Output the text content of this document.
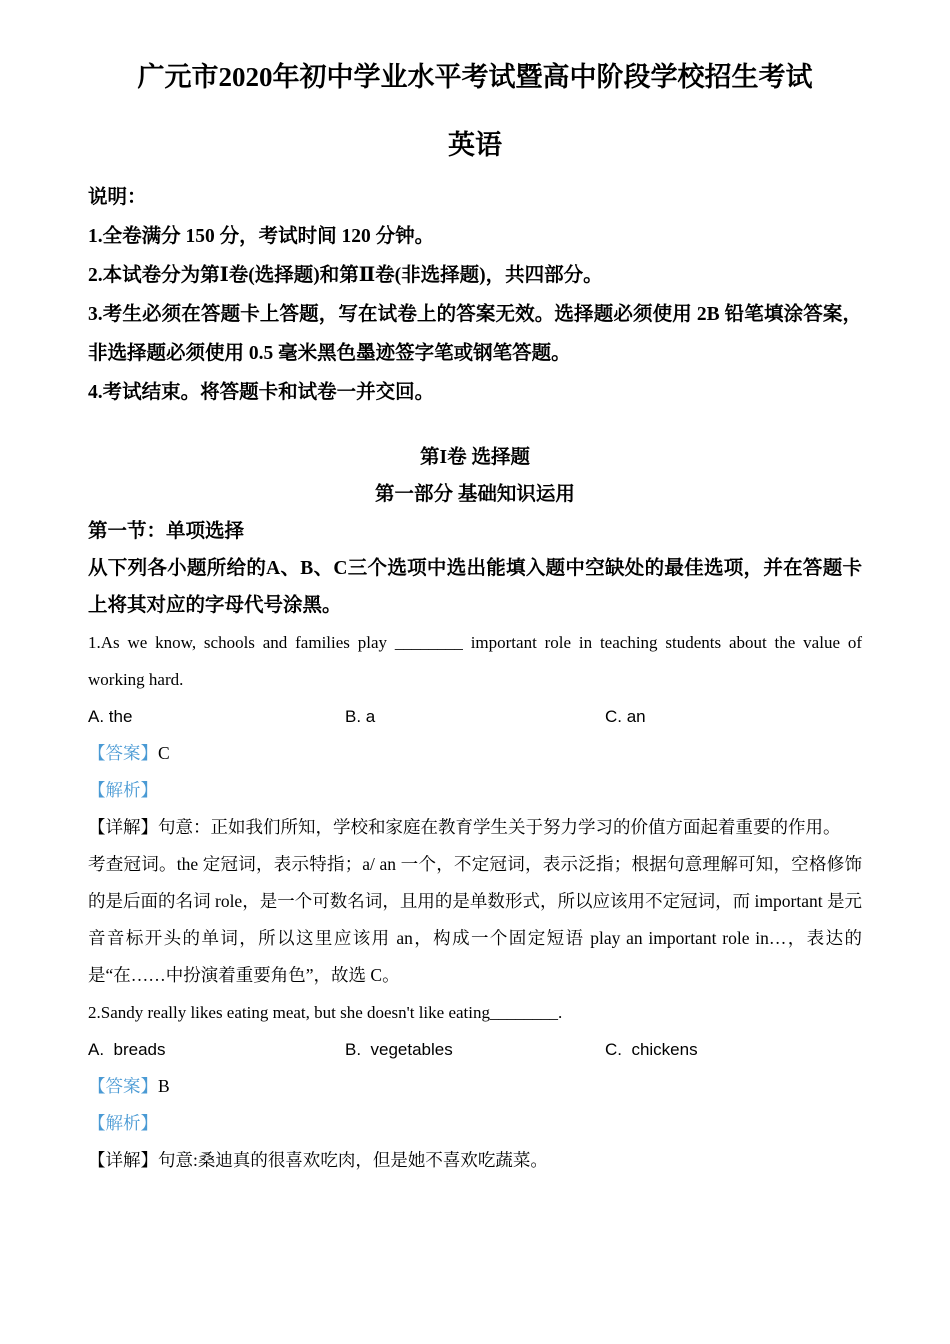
广元市2020年初中学业水平考试暨高中阶段学校招生考试
英语

说明：

1.全卷满分 150 分，考试时间 120 分钟。

2.本试卷分为第Ⅰ卷(选择题)和第Ⅱ卷(非选择题)，共四部分。

3.考生必须在答题卡上答题，写在试卷上的答案无效。选择题必须使用 2B 铅笔填涂答案，非选择题必须使用 0.5 毫米黑色墨迹签字笔或钢笔答题。

4.考试结束。将答题卡和试卷一并交回。

第I卷 选择题

第一部分 基础知识运用

第一节：单项选择

从下列各小题所给的A、B、C三个选项中选出能填入题中空缺处的最佳选项，并在答题卡上将其对应的字母代号涂黑。

1.As we know, schools and families play ________ important role in teaching students about the value of working hard.

A. the	B. a	C. an

【答案】C

【解析】

【详解】句意：正如我们所知，学校和家庭在教育学生关于努力学习的价值方面起着重要的作用。

考查冠词。the 定冠词，表示特指；a/ an 一个，不定冠词，表示泛指；根据句意理解可知，空格修饰的是后面的名词 role，是一个可数名词，且用的是单数形式，所以应该用不定冠词，而 important 是元音音标开头的单词，所以这里应该用 an，构成一个固定短语 play an important role in…，表达的是“在……中扮演着重要角色”，故选 C。

2.Sandy really likes eating meat, but she doesn't like eating________.

A.  breads	B.  vegetables	C.  chickens

【答案】B

【解析】

【详解】句意:桑迪真的很喜欢吃肉，但是她不喜欢吃蔬菜。
